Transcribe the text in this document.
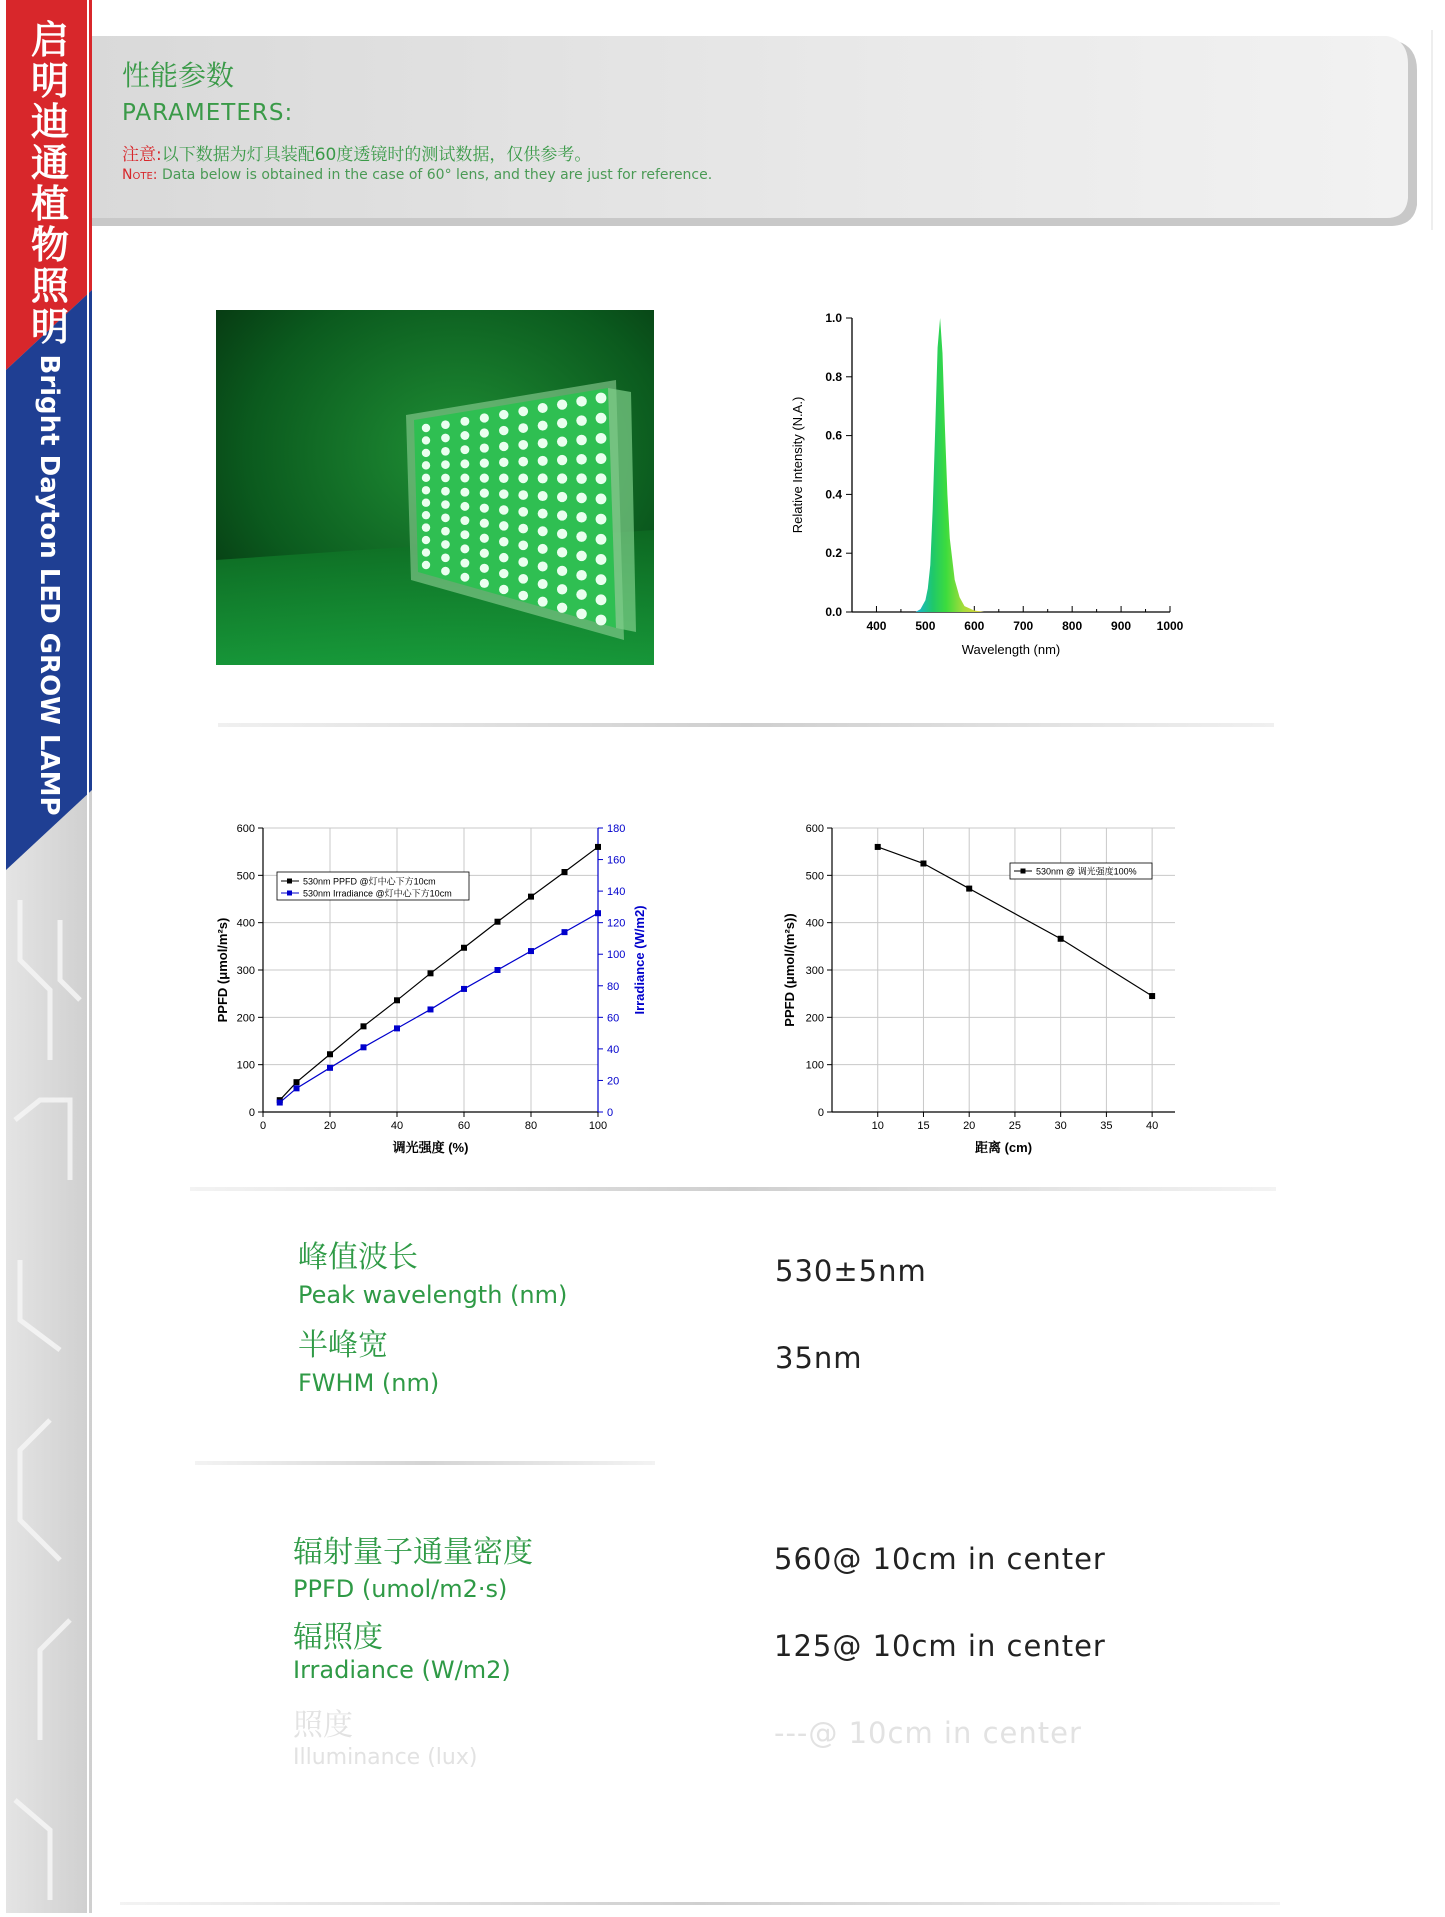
启明迪通植物照明
Bright Dayton LED GROW LAMP
性能参数
PARAMETERS:
注意:以下数据为灯具装配60度透镜时的测试数据，仅供参考。
Note: Data below is obtained in the case of 60° lens, and they are just for reference.
0.0
0.2
0.4
0.6
0.8
1.0
400 500 600 700 800 900 1000
Wavelength (nm)
Relative Intensity (N.A.)
0
100
200
300
400
500
600
0
20
40
60
80
100
120
140
160
180
0	20	40	60	80	100
530nm PPFD @灯中心下方10cm
530nm Irradiance @灯中心下方10cm
调光强度 (%)
PPFD (μmol/m²s)	Irradiance (W/m2)
0
100
200
300
400
500
600
10	15	20	25	30	35	40
530nm @ 调光强度100%
距离 (cm)
PPFD (μmol/(m²s))
峰值波长
Peak wavelength (nm)
530±5nm
半峰宽
FWHM (nm)
35nm
辐射量子通量密度
PPFD (umol/m2·s)
560@ 10cm in center
辐照度
Irradiance (W/m2)
125@ 10cm in center
照度
Illuminance (lux)
---@ 10cm in center
